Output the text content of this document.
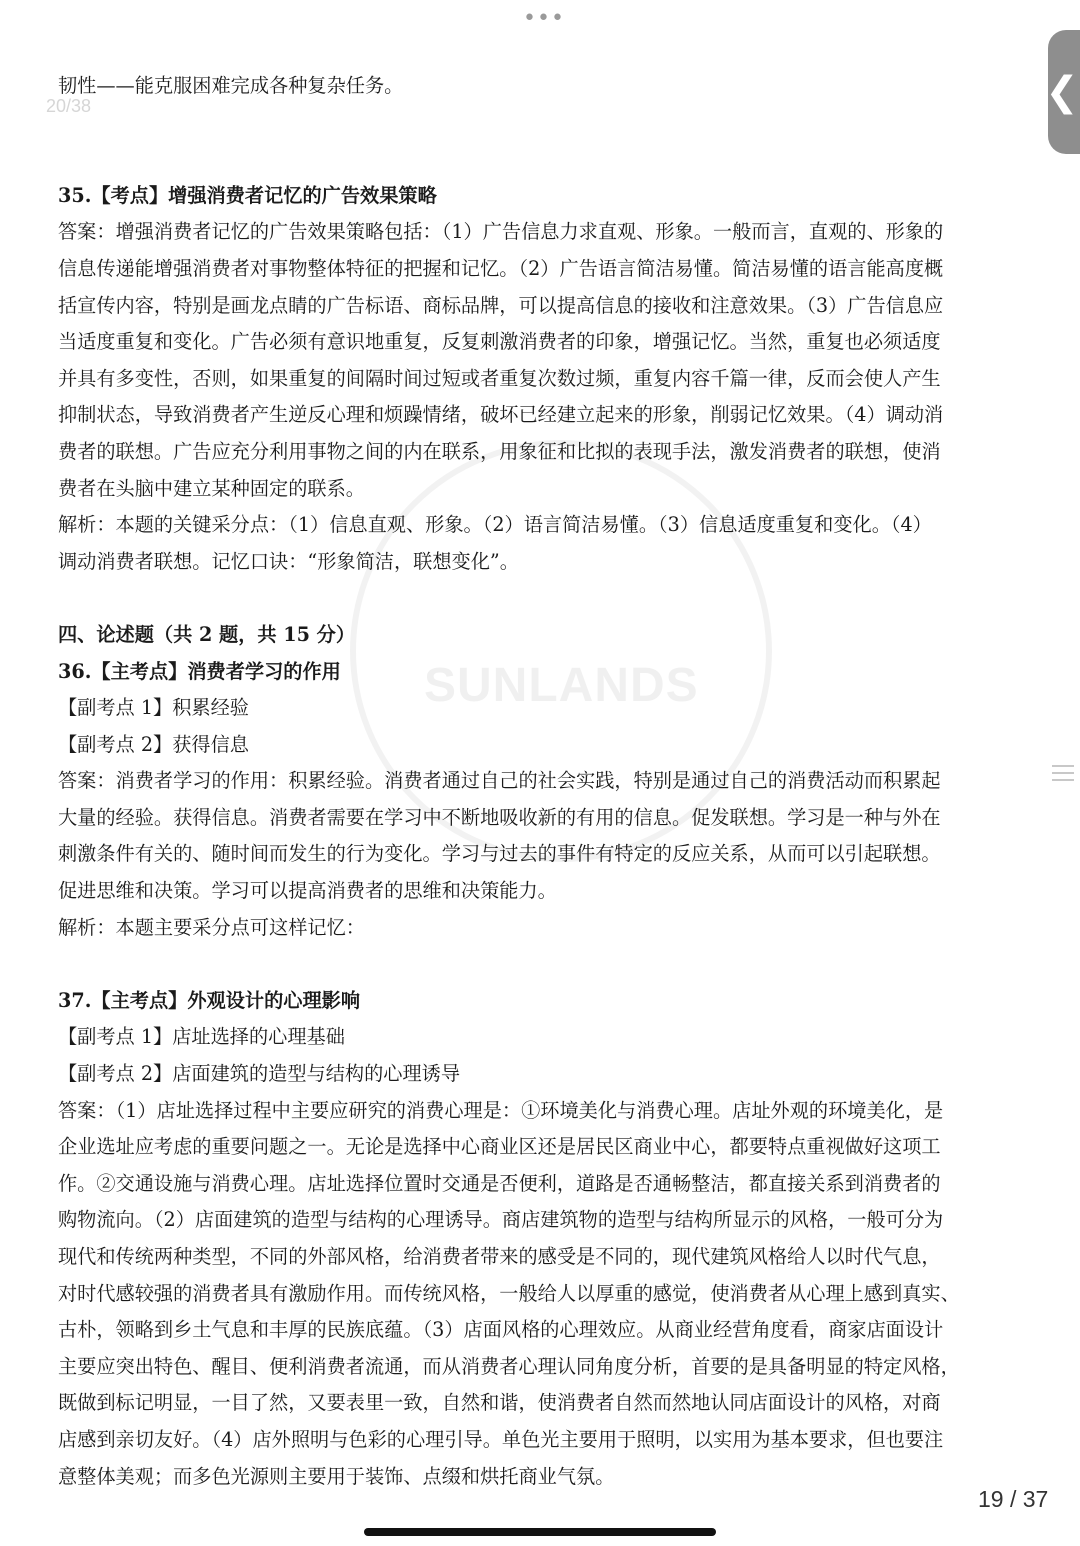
•••
20/38	❮
SUNLANDS

韧性——能克服困难完成各种复杂任务。

35.【考点】增强消费者记忆的广告效果策略

答案：增强消费者记忆的广告效果策略包括：（1）广告信息力求直观、形象。一般而言，直观的、形象的

信息传递能增强消费者对事物整体特征的把握和记忆。（2）广告语言简洁易懂。简洁易懂的语言能高度概

括宣传内容，特别是画龙点睛的广告标语、商标品牌，可以提高信息的接收和注意效果。（3）广告信息应

当适度重复和变化。广告必须有意识地重复，反复刺激消费者的印象，增强记忆。当然，重复也必须适度

并具有多变性，否则，如果重复的间隔时间过短或者重复次数过频，重复内容千篇一律，反而会使人产生

抑制状态，导致消费者产生逆反心理和烦躁情绪，破坏已经建立起来的形象，削弱记忆效果。（4）调动消

费者的联想。广告应充分利用事物之间的内在联系，用象征和比拟的表现手法，激发消费者的联想，使消

费者在头脑中建立某种固定的联系。

解析：本题的关键采分点：（1）信息直观、形象。（2）语言简洁易懂。（3）信息适度重复和变化。（4）

调动消费者联想。记忆口诀：“形象简洁，联想变化”。

四、论述题（共 2 题，共 15 分）

36.【主考点】消费者学习的作用

【副考点 1】积累经验

【副考点 2】获得信息

答案：消费者学习的作用：积累经验。消费者通过自己的社会实践，特别是通过自己的消费活动而积累起

大量的经验。获得信息。消费者需要在学习中不断地吸收新的有用的信息。促发联想。学习是一种与外在

刺激条件有关的、随时间而发生的行为变化。学习与过去的事件有特定的反应关系，从而可以引起联想。

促进思维和决策。学习可以提高消费者的思维和决策能力。

解析：本题主要采分点可这样记忆：

37.【主考点】外观设计的心理影响

【副考点 1】店址选择的心理基础

【副考点 2】店面建筑的造型与结构的心理诱导

答案：（1）店址选择过程中主要应研究的消费心理是：①环境美化与消费心理。店址外观的环境美化，是

企业选址应考虑的重要问题之一。无论是选择中心商业区还是居民区商业中心，都要特点重视做好这项工

作。②交通设施与消费心理。店址选择位置时交通是否便利，道路是否通畅整洁，都直接关系到消费者的

购物流向。（2）店面建筑的造型与结构的心理诱导。商店建筑物的造型与结构所显示的风格，一般可分为

现代和传统两种类型，不同的外部风格，给消费者带来的感受是不同的，现代建筑风格给人以时代气息，

对时代感较强的消费者具有激励作用。而传统风格，一般给人以厚重的感觉，使消费者从心理上感到真实、

古朴，领略到乡土气息和丰厚的民族底蕴。（3）店面风格的心理效应。从商业经营角度看，商家店面设计

主要应突出特色、醒目、便利消费者流通，而从消费者心理认同角度分析，首要的是具备明显的特定风格，

既做到标记明显，一目了然，又要表里一致，自然和谐，使消费者自然而然地认同店面设计的风格，对商

店感到亲切友好。（4）店外照明与色彩的心理引导。单色光主要用于照明，以实用为基本要求，但也要注

意整体美观；而多色光源则主要用于装饰、点缀和烘托商业气氛。

19 / 37
